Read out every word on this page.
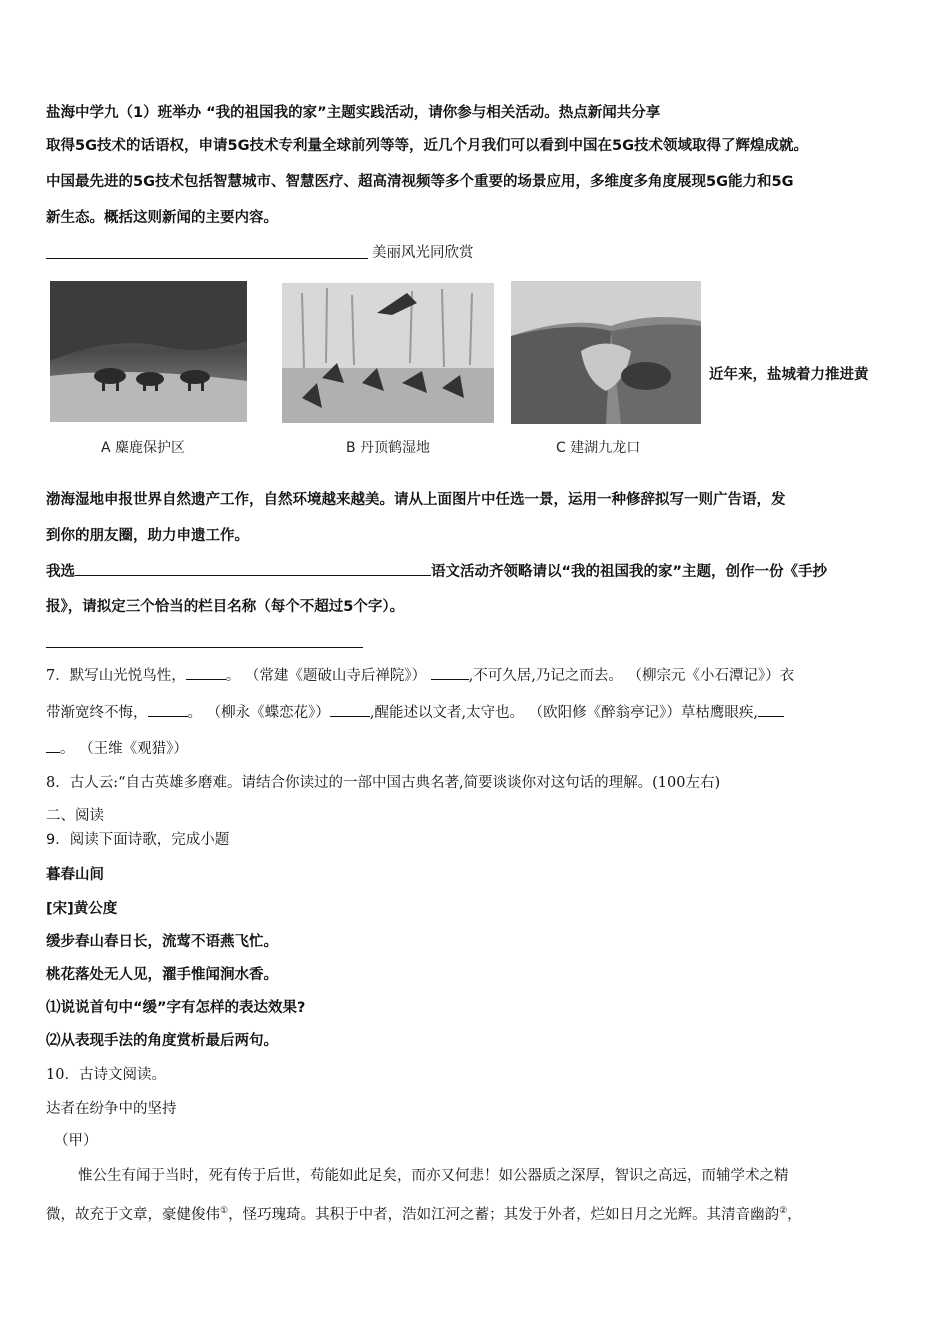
盐海中学九（1）班举办 “我的祖国我的家”主题实践活动，请你参与相关活动。热点新闻共分享
取得5G技术的话语权，申请5G技术专利量全球前列等等，近几个月我们可以看到中国在5G技术领域取得了辉煌成就。
中国最先进的5G技术包括智慧城市、智慧医疗、超高清视频等多个重要的场景应用，多维度多角度展现5G能力和5G
新生态。概括这则新闻的主要内容。
美丽风光同欣赏
A 麋鹿保护区	B 丹顶鹤湿地	C 建湖九龙口
近年来，盐城着力推进黄
渤海湿地申报世界自然遗产工作，自然环境越来越美。请从上面图片中任选一景，运用一种修辞拟写一则广告语，发
到你的朋友圈，助力申遗工作。
我选	语文活动齐领略请以“我的祖国我的家”主题，创作一份《手抄
报》，请拟定三个恰当的栏目名称（每个不超过5个字）。
7．默写山光悦鸟性，	。 （常建《题破山寺后禅院》）	,不可久居,乃记之而去。 （柳宗元《小石潭记》）衣
带渐宽终不悔，	。 （柳永《蝶恋花》）	,醒能述以文者,太守也。 （欧阳修《醉翁亭记》）草枯鹰眼疾,
。 （王维《观猎》）
8．古人云:“自古英雄多磨难。请结合你读过的一部中国古典名著,简要谈谈你对这句话的理解。(100左右)
二、阅读
9．阅读下面诗歌，完成小题
暮春山间
[宋]黄公度
缓步春山春日长，流莺不语燕飞忙。
桃花落处无人见，濯手惟闻涧水香。
⑴说说首句中“缓”字有怎样的表达效果?
⑵从表现手法的角度赏析最后两句。
10．古诗文阅读。
达者在纷争中的坚持
（甲）
惟公生有闻于当时，死有传于后世，苟能如此足矣，而亦又何悲！如公器质之深厚，智识之高远，而辅学术之精
微，故充于文章，豪健俊伟①，怪巧瑰琦。其积于中者，浩如江河之蓄；其发于外者，烂如日月之光辉。其清音幽韵②，
